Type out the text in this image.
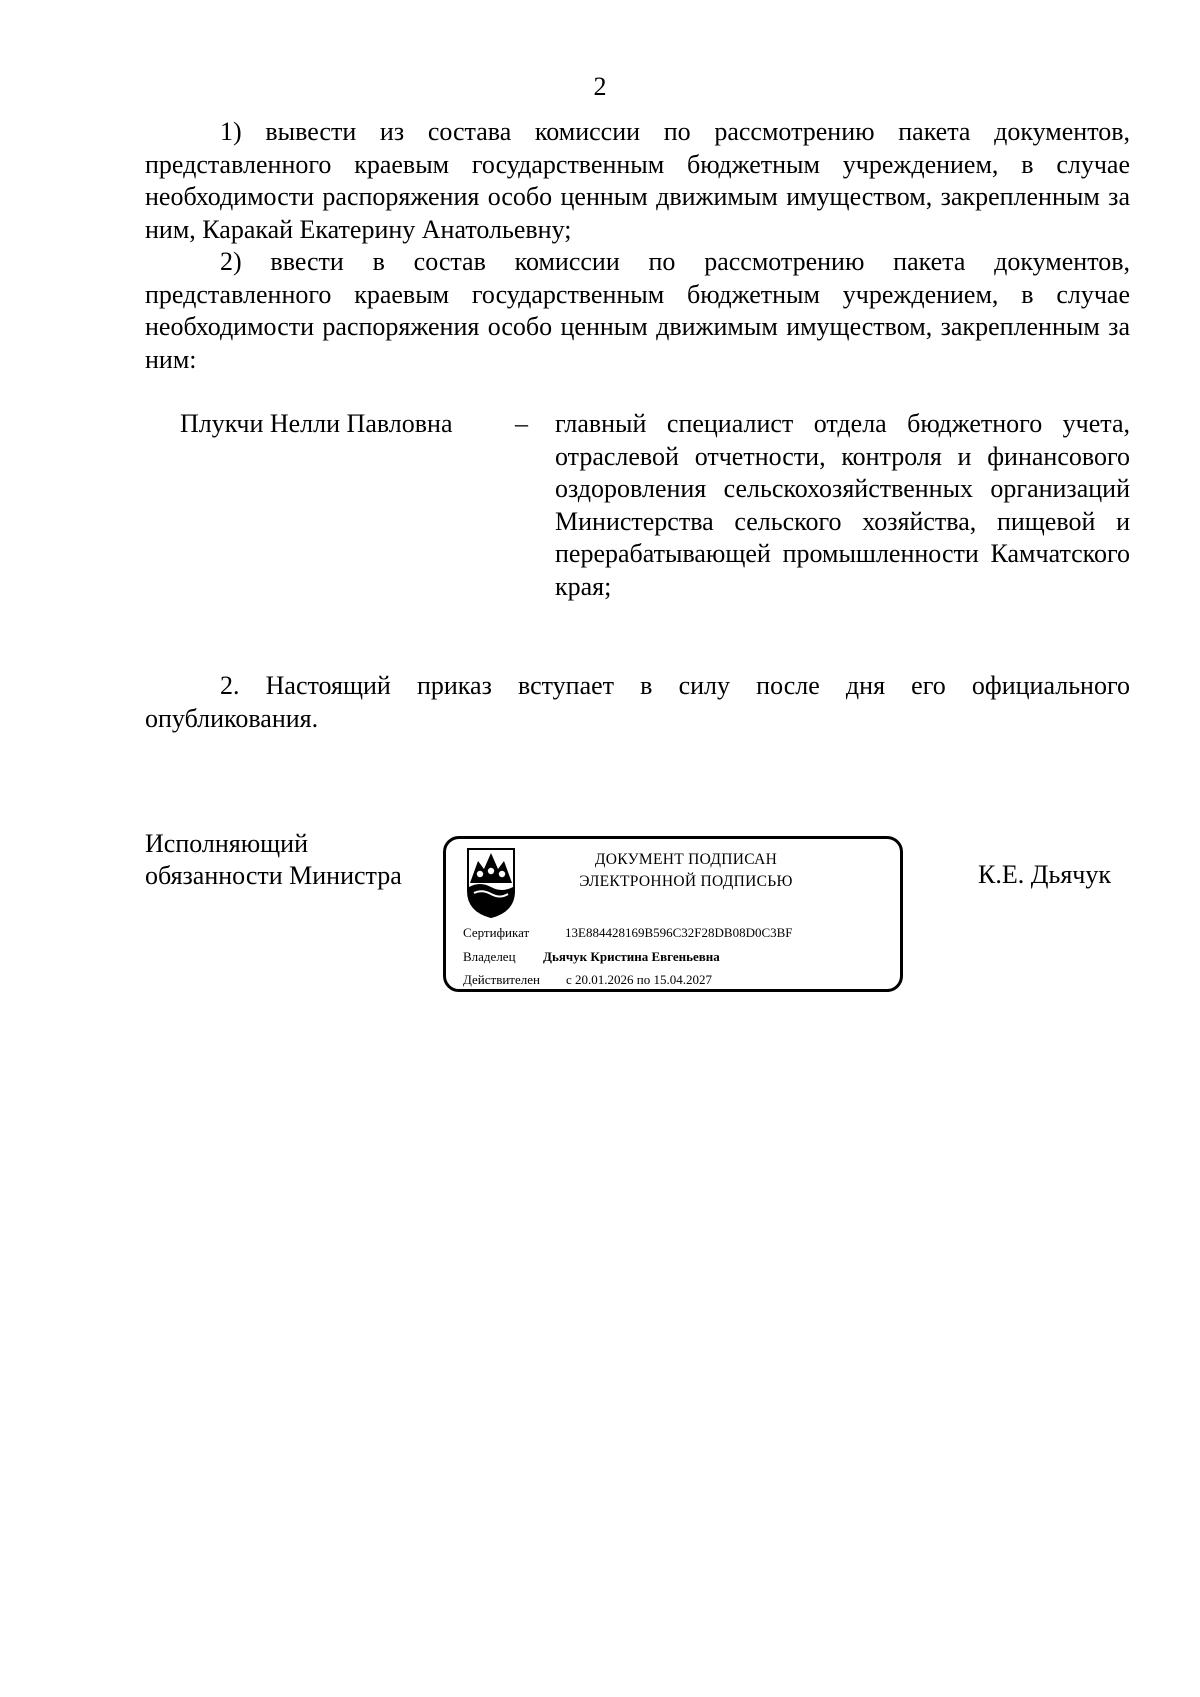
2

1) вывести из состава комиссии по рассмотрению пакета документов, представленного краевым государственным бюджетным учреждением, в случае необходимости распоряжения особо ценным движимым имуществом, закрепленным за ним, Каракай Екатерину Анатольевну;

2) ввести в состав комиссии по рассмотрению пакета документов, представленного краевым государственным бюджетным учреждением, в случае необходимости распоряжения особо ценным движимым имуществом, закрепленным за ним:

Плукчи Нелли Павловна – главный специалист отдела бюджетного учета, отраслевой отчетности, контроля и финансового оздоровления сельскохозяйственных организаций Министерства сельского хозяйства, пищевой и перерабатывающей промышленности Камчатского края;

2. Настоящий приказ вступает в силу после дня его официального опубликования.

Исполняющий
обязанности Министра
ДОКУМЕНТ ПОДПИСАН
ЭЛЕКТРОННОЙ ПОДПИСЬЮ
Сертификат	13E884428169B596C32F28DB08D0C3BF
Владелец Дьячук Кристина Евгеньевна
Действителен с 20.01.2026 по 15.04.2027
К.Е. Дьячук
